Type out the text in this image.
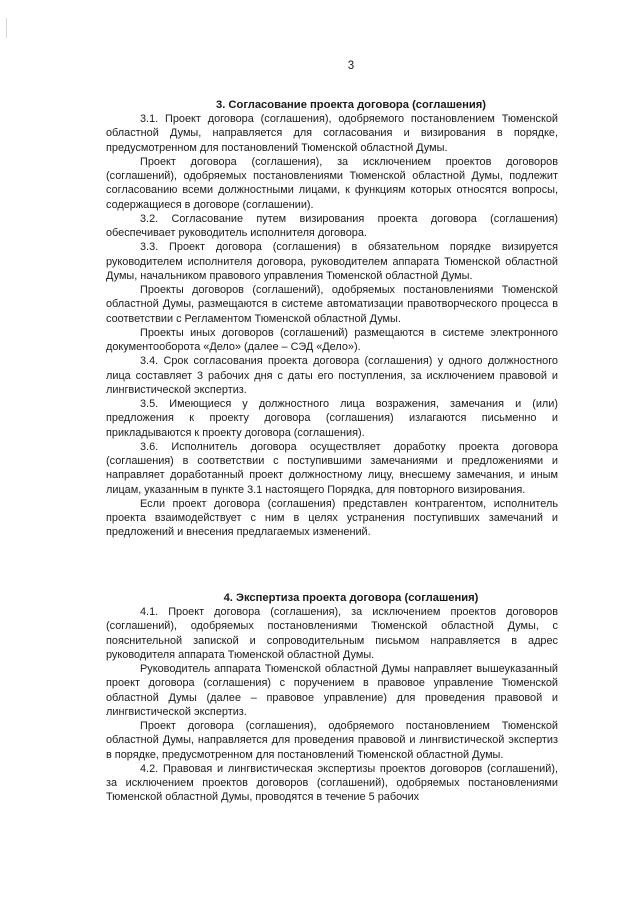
3
3. Согласование проекта договора (соглашения)

3.1. Проект договора (соглашения), одобряемого постановлением Тюменской областной Думы, направляется для согласования и визирования в порядке, предусмотренном для постановлений Тюменской областной Думы.

Проект договора (соглашения), за исключением проектов договоров (соглашений), одобряемых постановлениями Тюменской областной Думы, подлежит согласованию всеми должностными лицами, к функциям которых относятся вопросы, содержащиеся в договоре (соглашении).

3.2. Согласование путем визирования проекта договора (соглашения) обеспечивает руководитель исполнителя договора.

3.3. Проект договора (соглашения) в обязательном порядке визируется руководителем исполнителя договора, руководителем аппарата Тюменской областной Думы, начальником правового управления Тюменской областной Думы.

Проекты договоров (соглашений), одобряемых постановлениями Тюменской областной Думы, размещаются в системе автоматизации правотворческого процесса в соответствии с Регламентом Тюменской областной Думы.

Проекты иных договоров (соглашений) размещаются в системе электронного документооборота «Дело» (далее – СЭД «Дело»).

3.4. Срок согласования проекта договора (соглашения) у одного должностного лица составляет 3 рабочих дня с даты его поступления, за исключением правовой и лингвистической экспертиз.

3.5. Имеющиеся у должностного лица возражения, замечания и (или) предложения к проекту договора (соглашения) излагаются письменно и прикладываются к проекту договора (соглашения).

3.6. Исполнитель договора осуществляет доработку проекта договора (соглашения) в соответствии с поступившими замечаниями и предложениями и направляет доработанный проект должностному лицу, внесшему замечания, и иным лицам, указанным в пункте 3.1 настоящего Порядка, для повторного визирования.

Если проект договора (соглашения) представлен контрагентом, исполнитель проекта взаимодействует с ним в целях устранения поступивших замечаний и предложений и внесения предлагаемых изменений.

4. Экспертиза проекта договора (соглашения)

4.1. Проект договора (соглашения), за исключением проектов договоров (соглашений), одобряемых постановлениями Тюменской областной Думы, с пояснительной запиской и сопроводительным письмом направляется в адрес руководителя аппарата Тюменской областной Думы.

Руководитель аппарата Тюменской областной Думы направляет вышеуказанный проект договора (соглашения) с поручением в правовое управление Тюменской областной Думы (далее – правовое управление) для проведения правовой и лингвистической экспертиз.

Проект договора (соглашения), одобряемого постановлением Тюменской областной Думы, направляется для проведения правовой и лингвистической экспертиз в порядке, предусмотренном для постановлений Тюменской областной Думы.

4.2. Правовая и лингвистическая экспертизы проектов договоров (соглашений), за исключением проектов договоров (соглашений), одобряемых постановлениями Тюменской областной Думы, проводятся в течение 5 рабочих
